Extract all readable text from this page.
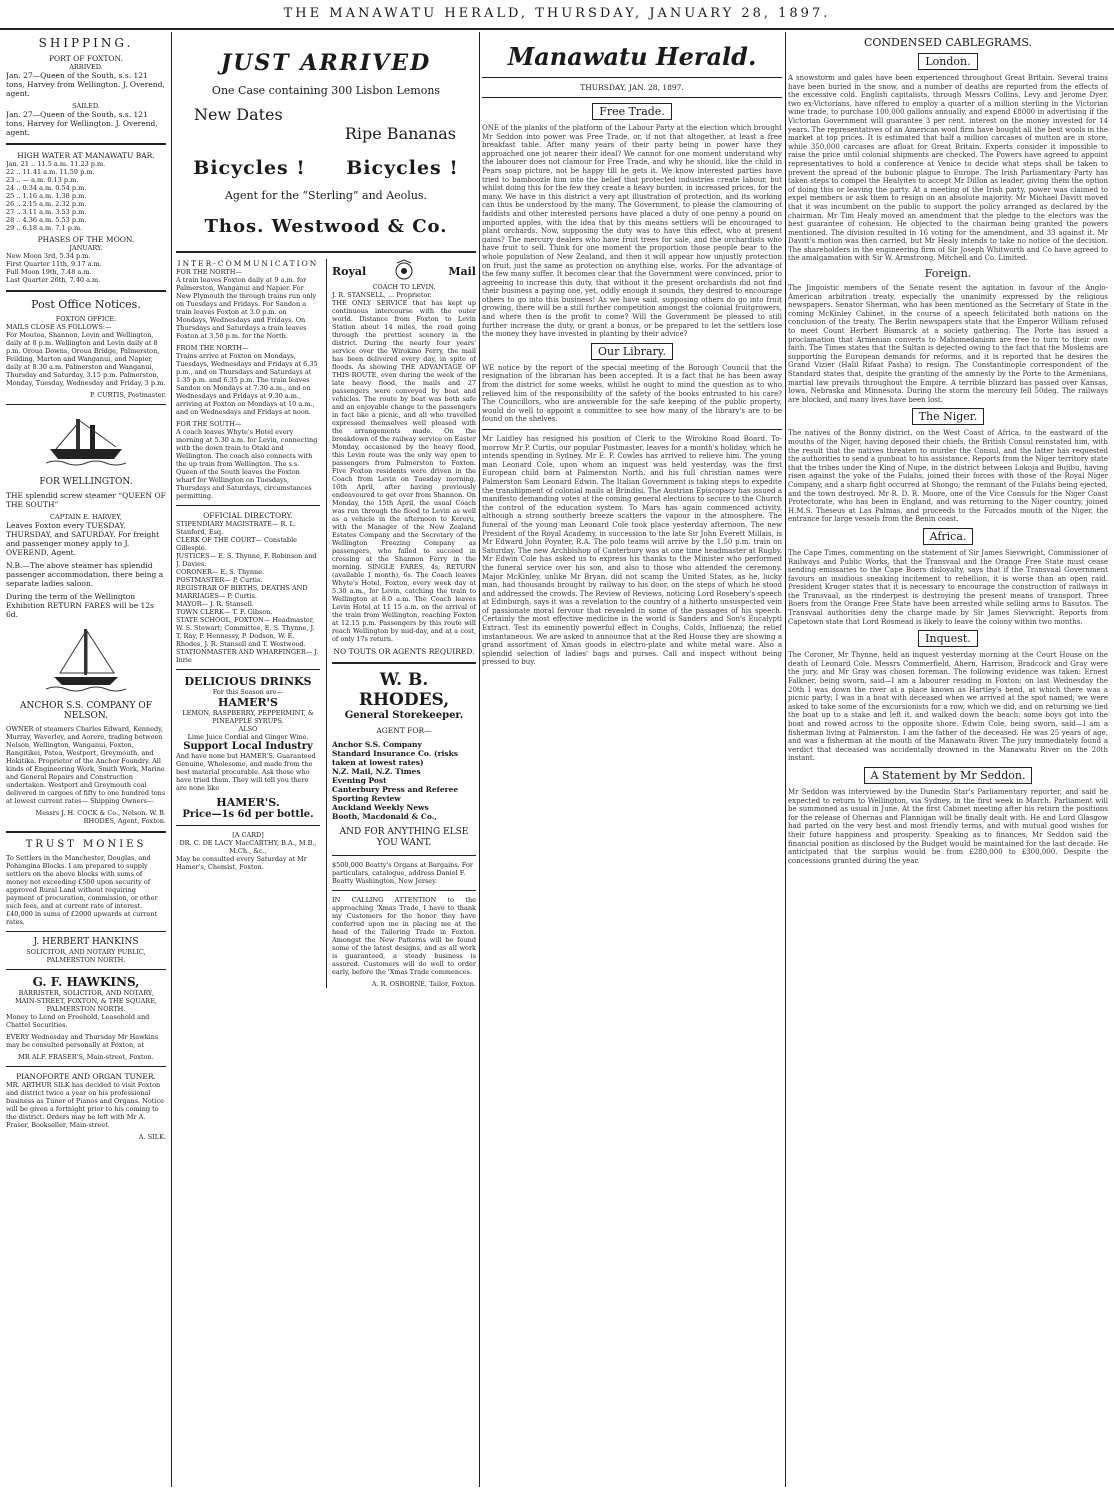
THE MANAWATU HERALD, THURSDAY, JANUARY 28, 1897.
SHIPPING.
PORT OF FOXTON.
ARRIVED.

Jan. 27—Queen of the South, s.s. 121 tons, Harvey from Wellington. J. Overend, agent.

SAILED.

Jan. 27—Queen of the South, s.s. 121 tons, Harvey for Wellington. J. Overend, agent.

HIGH WATER AT MANAWATU BAR.
Jan. 21 .. 11.5 a.m. 11.23 p.m.
22 .. 11.41 a.m. 11.59 p.m.
23 .. — a.m. 0.13 p.m.
24 .. 0.34 a.m. 0.54 p.m.
25 .. 1.16 a.m. 1.38 p.m.
26 .. 2.15 a.m. 2.32 p.m.
27 .. 3.11 a.m. 3.53 p.m.
28 .. 4.36 a.m. 5.53 p.m.
29 .. 6.18 a.m. 7.1 p.m.
PHASES OF THE MOON.
JANUARY.
New Moon 3rd, 5.34 p.m.
First Quarter 11th, 9.17 a.m.
Full Moon 19th, 7.48 a.m.
Last Quarter 26th, 7.40 a.m.
Post Office Notices.
FOXTON OFFICE.
MAILS CLOSE AS FOLLOWS:—

For Moutoa, Shannon, Levin and Wellington, daily at 8 p.m. Wellington and Levin daily at 8 p.m. Oroua Downs, Oroua Bridge, Palmerston, Feilding, Marton and Wanganui, and Napier, daily at 8.30 a.m. Palmerston and Wanganui, Thursday and Saturday, 3.15 p.m. Palmerston, Monday, Tuesday, Wednesday and Friday, 3 p.m.

P. CURTIS, Postmaster.
FOR WELLINGTON.

THE splendid screw steamer “QUEEN OF THE SOUTH”

CAPTAIN E. HARVEY,

Leaves Foxton every TUESDAY, THURSDAY, and SATURDAY. For freight and passenger money apply to J. OVEREND, Agent.

N.B.—The above steamer has splendid passenger accommodation, there being a separate ladies saloon.

During the term of the Wellington Exhibition RETURN FARES will be 12s 6d.

ANCHOR S.S. COMPANY OF NELSON.

OWNER of steamers Charles Edward, Kennedy, Murray, Waverley, and Aorere, trading between Nelson, Wellington, Wanganui, Foxton, Rangitikei, Patea, Westport, Greymouth, and Hokitika. Proprietor of the Anchor Foundry. All kinds of Engineering Work, Smith Work, Marine and General Repairs and Construction undertaken. Westport and Greymouth coal delivered in cargoes of fifty to one hundred tons at lowest current rates— Shipping Owners—

Messrs J. H. COCK & Co., Nelson. W. B. RHODES, Agent, Foxton.

TRUST MONIES

To Settlers in the Manchester, Douglas, and Pohangina Blocks. I am prepared to supply settlers on the above blocks with sums of money not exceeding £500 upon security of approved Rural Land without requiring payment of procuration, commission, or other such fees, and at current rate of interest. £40,000 in sums of £2000 upwards at current rates.

J. HERBERT HANKINS
SOLICITOR, AND NOTARY PUBLIC, PALMERSTON NORTH.
G. F. HAWKINS,
BARRISTER, SOLICITOR, AND NOTARY,
MAIN-STREET, FOXTON, & THE SQUARE, PALMERSTON NORTH.

Money to Lend on Freehold, Leasehold and Chattel Securities.

EVERY Wednesday and Thursday Mr Hawkins may be consulted personally at Foxton, at

MR ALF. FRASER'S, Main-street, Foxton.
PIANOFORTE AND ORGAN TUNER.

MR. ARTHUR SILK has decided to visit Foxton and district twice a year on his professional business as Tuner of Pianos and Organs. Notice will be given a fortnight prior to his coming to the district. Orders may be left with Mr A. Fraser, Bookseller, Main-street.

A. SILK.
JUST ARRIVED
One Case containing 300 Lisbon Lemons
New Dates
Ripe Bananas
Bicycles !	Bicycles !
Agent for the “Sterling” and Aeolus.
Thos. Westwood & Co.
INTER-COMMUNICATION
FOR THE NORTH—

A train leaves Foxton daily at 9 a.m. for Palmerston, Wanganui and Napier. For New Plymouth the through trains run only on Tuesdays and Fridays. For Sandon a train leaves Foxton at 3.0 p.m. on Mondays, Wednesdays and Fridays. On Thursdays and Saturdays a train leaves Foxton at 3.50 p.m. for the North.

FROM THE NORTH—

Trains arrive at Foxton on Mondays, Tuesdays, Wednesdays and Fridays at 6.35 p.m., and on Thursdays and Saturdays at 1.35 p.m. and 6.35 p.m. The train leaves Sandon on Mondays at 7.30 a.m., and on Wednesdays and Fridays at 9.30 a.m., arriving at Foxton on Mondays at 10 a.m., and on Wednesdays and Fridays at noon.

FOR THE SOUTH—

A coach leaves Whyte's Hotel every morning at 5.30 a.m. for Levin, connecting with the down train to Otaki and Wellington. The coach also connects with the up train from Wellington. The s.s. Queen of the South leaves the Foxton wharf for Wellington on Tuesdays, Thursdays and Saturdays, circumstances permitting.

OFFICIAL DIRECTORY.
STIPENDIARY MAGISTRATE— R. L. Stanford, Esq.
CLERK OF THE COURT— Constable Gillespie.
JUSTICES— E. S. Thynne, F. Robinson and J. Davies.
CORONER— E. S. Thynne.
POSTMASTER— P. Curtis.
REGISTRAR OF BIRTHS, DEATHS AND MARRIAGES— P. Curtis.
MAYOR— J. R. Stansell.
TOWN CLERK— T. F. Gibson.
STATE SCHOOL, FOXTON— Headmaster, W. S. Stewart; Committee, E. S. Thynne, J. T. Ray, P. Hennessy, P. Dodson, W. E. Rhodes, J. R. Stansell and T. Westwood.
STATIONMASTER AND WHARFINGER— J. Inrie
DELICIOUS DRINKS
For this Season are—
HAMER'S
LEMON, RASPBERRY, PEPPERMINT, & PINEAPPLE SYRUPS.
ALSO
Lime Juice Cordial and Ginger Wine.
Support Local Industry

And have none but HAMER'S. Guaranteed Genuine, Wholesome, and made from the best material procurable. Ask those who have tried them. They will tell you there are none like

HAMER'S.
Price—1s 6d per bottle.
[A CARD]
DR. C. DE LACY MacCARTHY, B.A., M.B., M.Ch., &c.,

May be consulted every Saturday at Mr Hamer's, Chemist, Foxton.

Royal	Mail
COACH TO LEVIN.
J. R. STANSELL, ... Proprietor.

THE ONLY SERVICE that has kept up continuous intercourse with the outer world. Distance from Foxton to Levin Station about 14 miles, the road going through the prettiest scenery in the district. During the nearly four years' service over the Wirokino Ferry, the mail has been delivered every day, in spite of floods. As showing THE ADVANTAGE OF THIS ROUTE, even during the week of the late heavy flood, the mails and 27 passengers were conveyed by boat and vehicles. The route by boat was both safe and an enjoyable change to the passengers in fact like a picnic, and all who travelled expressed themselves well pleased with the arrangements made. On the breakdown of the railway service on Easter Monday, occasioned by the heavy flood, this Levin route was the only way open to passengers from Palmerston to Foxton. Five Foxton residents were driven in the Coach from Levin on Tuesday morning, 16th April, after having previously endeavoured to get over from Shannon. On Monday, the 15th April, the usual Coach was run through the flood to Levin as well as a vehicle in the afternoon to Kereru, with the Manager of the New Zealand Estates Company and the Secretary of the Wellington Freezing Company as passengers, who failed to succeed in crossing at the Shannon Ferry in the morning. SINGLE FARES, 4s; RETURN (available 1 month), 6s. The Coach leaves Whyte's Hotel, Foxton, every week day at 5.30 a.m., for Levin, catching the train to Wellington at 8.0 a.m. The Coach leaves Levin Hotel at 11 15 a.m. on the arrival of the train from Wellington, reaching Foxton at 12.15 p.m. Passengers by this route will reach Wellington by mid-day, and at a cost, of only 17s return.

NO TOUTS OR AGENTS REQUIRED.
W. B. RHODES,
General Storekeeper.
AGENT FOR—
Anchor S.S. Company
Standard Insurance Co. (risks taken at lowest rates)
N.Z. Mail, N.Z. Times
Evening Post
Canterbury Press and Referee
Sporting Review
Auckland Weekly News
Booth, Macdonald & Co.,
AND FOR ANYTHING ELSE YOU WANT.

$500,000 Beatty's Organs at Bargains. For particulars, catalogue, address Daniel F. Beatty Washington, New Jersey.

IN CALLING ATTENTION to the approaching 'Xmas Trade, I have to thank my Customers for the honor they have conferred upon me in placing me at the head of the Tailoring Trade in Foxton. Amongst the New Patterns will be found some of the latest designs, and as all work is guaranteed, a steady business is assured. Customers will do well to order early, before the 'Xmas Trade commences.

A. R. OSBORNE, Tailor, Foxton.
Manawatu Herald.
THURSDAY, JAN. 28, 1897.
Free Trade.

ONE of the planks of the platform of the Labour Party at the election which brought Mr Seddon into power was Free Trade, or, if not that altogether, at least a free breakfast table. After many years of their party being in power have they approached one jot nearer their ideal? We cannot for one moment understand why the labourer does not clamour for Free Trade, and why he should, like the child in Pears soap picture, not be happy till he gets it. We know interested parties have tried to bamboozle him into the belief that protected industries create labour, but whilst doing this for the few they create a heavy burden, in increased prices, for the many. We have in this district a very apt illustration of protection, and its working can thus be understood by the many. The Government, to please the clamouring of faddists and other interested persons have placed a duty of one penny a pound on imported apples, with the idea that by this means settlers will be encouraged to plant orchards. Now, supposing the duty was to have this effect, who at present gains? The mercury dealers who have fruit trees for sale, and the orchardists who have fruit to sell. Think for one moment the proportion those people bear to the whole population of New Zealand, and then it will appear how unjustly protection on fruit, just the same as protection on anything else, works. For the advantage of the few many suffer. It becomes clear that the Government were convinced, prior to agreeing to increase this duty, that without it the present orchardists did not find their business a paying one, yet, oddly enough it sounds, they desired to encourage others to go into this business! As we have said, supposing others do go into fruit growing, there will be a still further competition amongst the colonial fruitgrowers, and where then is the profit to come? Will the Government be pleased to still further increase the duty, or grant a bonus, or be prepared to let the settlers lose the money they have invested in planting by their advice?

Our Library.

WE notice by the report of the special meeting of the Borough Council that the resignation of the librarian has been accepted. It is a fact that he has been away from the district for some weeks, whilst he ought to mind the question as to who relieved him of the responsibility of the safety of the books entrusted to his care? The Councillors, who are answerable for the safe keeping of the public property, would do well to appoint a committee to see how many of the library's are to be found on the shelves.

Mr Laidley has resigned his position of Clerk to the Wirokino Road Board. To-morrow Mr P. Curtis, our popular Postmaster, leaves for a month's holiday, which he intends spending in Sydney. Mr E. P. Cowles has arrived to relieve him. The young man Leonard Cole, upon whom an inquest was held yesterday, was the first European child born at Palmerston North, and his full christian names were Palmerston Sam Leonard Edwin. The Italian Government is taking steps to expedite the transhipment of colonial mails at Brindisi. The Austrian Episcopacy has issued a manifesto demanding votes at the coming general elections to secure to the Church the control of the education system. To Mars has again commenced activity, although a strong southerly breeze scatters the vapour in the atmosphere. The funeral of the young man Leonard Cole took place yesterday afternoon. The new President of the Royal Academy, in succession to the late Sir John Everett Millais, is Mr Edward John Poynter, R.A. The polo teams will arrive by the 1.50 p.m. train on Saturday. The new Archbishop of Canterbury was at one time headmaster at Rugby. Mr Edwin Cole has asked us to express his thanks to the Minister who performed the funeral service over his son, and also to those who attended the ceremony. Major McKinley, unlike Mr Bryan, did not scamp the United States, as he, lucky man, had thousands brought by railway to his door, on the steps of which he stood and addressed the crowds. The Review of Reviews, noticing Lord Rosebery's speech at Edinburgh, says it was a revelation to the country of a hitherto unsuspected vein of passionate moral fervour that revealed in some of the passages of his speech. Certainly the most effective medicine in the world is Sanders and Son's Eucalypti Extract. Test its eminently powerful effect in Coughs, Colds, Influenza; the relief instantaneous. We are asked to announce that at the Red House they are showing a grand assortment of Xmas goods in electro-plate and white metal ware. Also a splendid selection of ladies' bags and purses. Call and inspect without being pressed to buy.

CONDENSED CABLEGRAMS.
London.

A snowstorm and gales have been experienced throughout Great Britain. Several trains have been buried in the snow, and a number of deaths are reported from the effects of the excessive cold. English capitalists, through Messrs Collins, Levy and Jerome Dyer, two ex-Victorians, have offered to employ a quarter of a million sterling in the Victorian wine trade, to purchase 100,000 gallons annually, and expend £8000 in advertising if the Victorian Government will guarantee 3 per cent. interest on the money invested for 14 years. The representatives of an American wool firm have bought all the best wools in the market at top prices. It is estimated that half a million carcases of mutton are in store, while 350,000 carcases are afloat for Great Britain. Experts consider it impossible to raise the price until colonial shipments are checked. The Powers have agreed to appoint representatives to hold a conference at Venice to decide what steps shall be taken to prevent the spread of the bubonic plague to Europe. The Irish Parliamentary Party has taken steps to compel the Healyites to accept Mr Dillon as leader, giving them the option of doing this or leaving the party. At a meeting of the Irish party, power was claimed to expel members or ask them to resign on an absolute majority. Mr Michael Davitt moved that it was incumbent on the public to support the policy arranged as declared by the chairman. Mr Tim Healy moved an amendment that the pledge to the electors was the best guarantee of cohesion. He objected to the chairman being granted the powers mentioned. The division resulted in 16 voting for the amendment, and 33 against it. Mr Davitt's motion was then carried, but Mr Healy intends to take no notice of the decision. The shareholders in the engineering firm of Sir Joseph Whitworth and Co have agreed to the amalgamation with Sir W. Armstrong, Mitchell and Co. Limited.

Foreign.

The Jingoistic members of the Senate resent the agitation in favour of the Anglo-American arbitration treaty, especially the unanimity expressed by the religious newspapers. Senator Sherman, who has been mentioned as the Secretary of State in the coming McKinley Cabinet, in the course of a speech felicitated both nations on the conclusion of the treaty. The Berlin newspapers state that the Emperor William refused to meet Count Herbert Bismarck at a society gathering. The Porte has issued a proclamation that Armenian converts to Mahomedanism are free to turn to their own faith. The Times states that the Sultan is dejected owing to the fact that the Moslems are supporting the European demands for reforms, and it is reported that he desires the Grand Vizier (Halil Rifaat Pasha) to resign. The Constantinople correspondent of the Standard states that, despite the granting of the amnesty by the Porte to the Armenians, martial law prevails throughout the Empire. A terrible blizzard has passed over Kansas, Iowa, Nebraska and Minnesota. During the storm the mercury fell 50deg. The railways are blocked, and many lives have been lost.

The Niger.

The natives of the Bonny district, on the West Coast of Africa, to the eastward of the mouths of the Niger, having deposed their chiefs, the British Consul reinstated him, with the result that the natives threaten to murder the Consul, and the latter has requested the authorities to send a gunboat to his assistance. Reports from the Niger territory state that the tribes under the King of Nupe, in the district between Lokoja and Bujibu, having risen against the yoke of the Fulahs, joined their forces with those of the Royal Niger Company, and a sharp fight occurred at Shongo; the remnant of the Fulahs being ejected, and the town destroyed. Mr R. D. R. Moore, one of the Vice Consuls for the Niger Coast Protectorate, who has been in England, and was returning to the Niger country, joined H.M.S. Theseus at Las Palmas, and proceeds to the Forcados mouth of the Niger, the entrance for large vessels from the Benin coast.

Africa.

The Cape Times, commenting on the statement of Sir James Sievwright, Commissioner of Railways and Public Works, that the Transvaal and the Orange Free State must cease sending emissaries to the Cape Boers disloyalty, says that if the Transvaal Government favours an insidious sneaking incitement to rebellion, it is worse than an open raid. President Kruger states that it is necessary to encourage the construction of railways in the Transvaal, as the rinderpest is destroying the present means of transport. Three Boers from the Orange Free State have been arrested while selling arms to Basutos. The Transvaal authorities deny the charge made by Sir James Sievwright. Reports from Capetown state that Lord Rosmead is likely to leave the colony within two months.

Inquest.

The Coroner, Mr Thynne, held an inquest yesterday morning at the Court House on the death of Leonard Cole. Messrs Commerfield, Ahern, Harrison, Bradcock and Gray were the jury, and Mr Gray was chosen foreman. The following evidence was taken: Ernest Falkner, being sworn, said—I am a labourer residing in Foxton; on last Wednesday the 20th I was down the river at a place known as Hartley's bend, at which there was a picnic party; I was in a boat with deceased when we arrived at the spot named; we were asked to take some of the excursionists for a row, which we did, and on returning we tied the boat up to a stake and left it, and walked down the beach; some boys got into the boat and rowed across to the opposite shore. Edwin Cole, being sworn, said—I am a fisherman living at Palmerston. I am the father of the deceased. He was 25 years of age, and was a fisherman at the mouth of the Manawatu River. The jury immediately found a verdict that deceased was accidentally drowned in the Manawatu River on the 20th instant.

A Statement by Mr Seddon.

Mr Seddon was interviewed by the Dunedin Star's Parliamentary reporter, and said he expected to return to Wellington, via Sydney, in the first week in March. Parliament will be summoned as usual in June. At the first Cabinet meeting after his return the positions for the release of Ohernas and Flannigan will be finally dealt with. He and Lord Glasgow had parted on the very best and most friendly terms, and with mutual good wishes for their future happiness and prosperity. Speaking as to finances, Mr Seddon said the financial position as disclosed by the Budget would be maintained for the last decade. He anticipated that the surplus would be from £280,000 to £300,000. Despite the concessions granted during the year.
